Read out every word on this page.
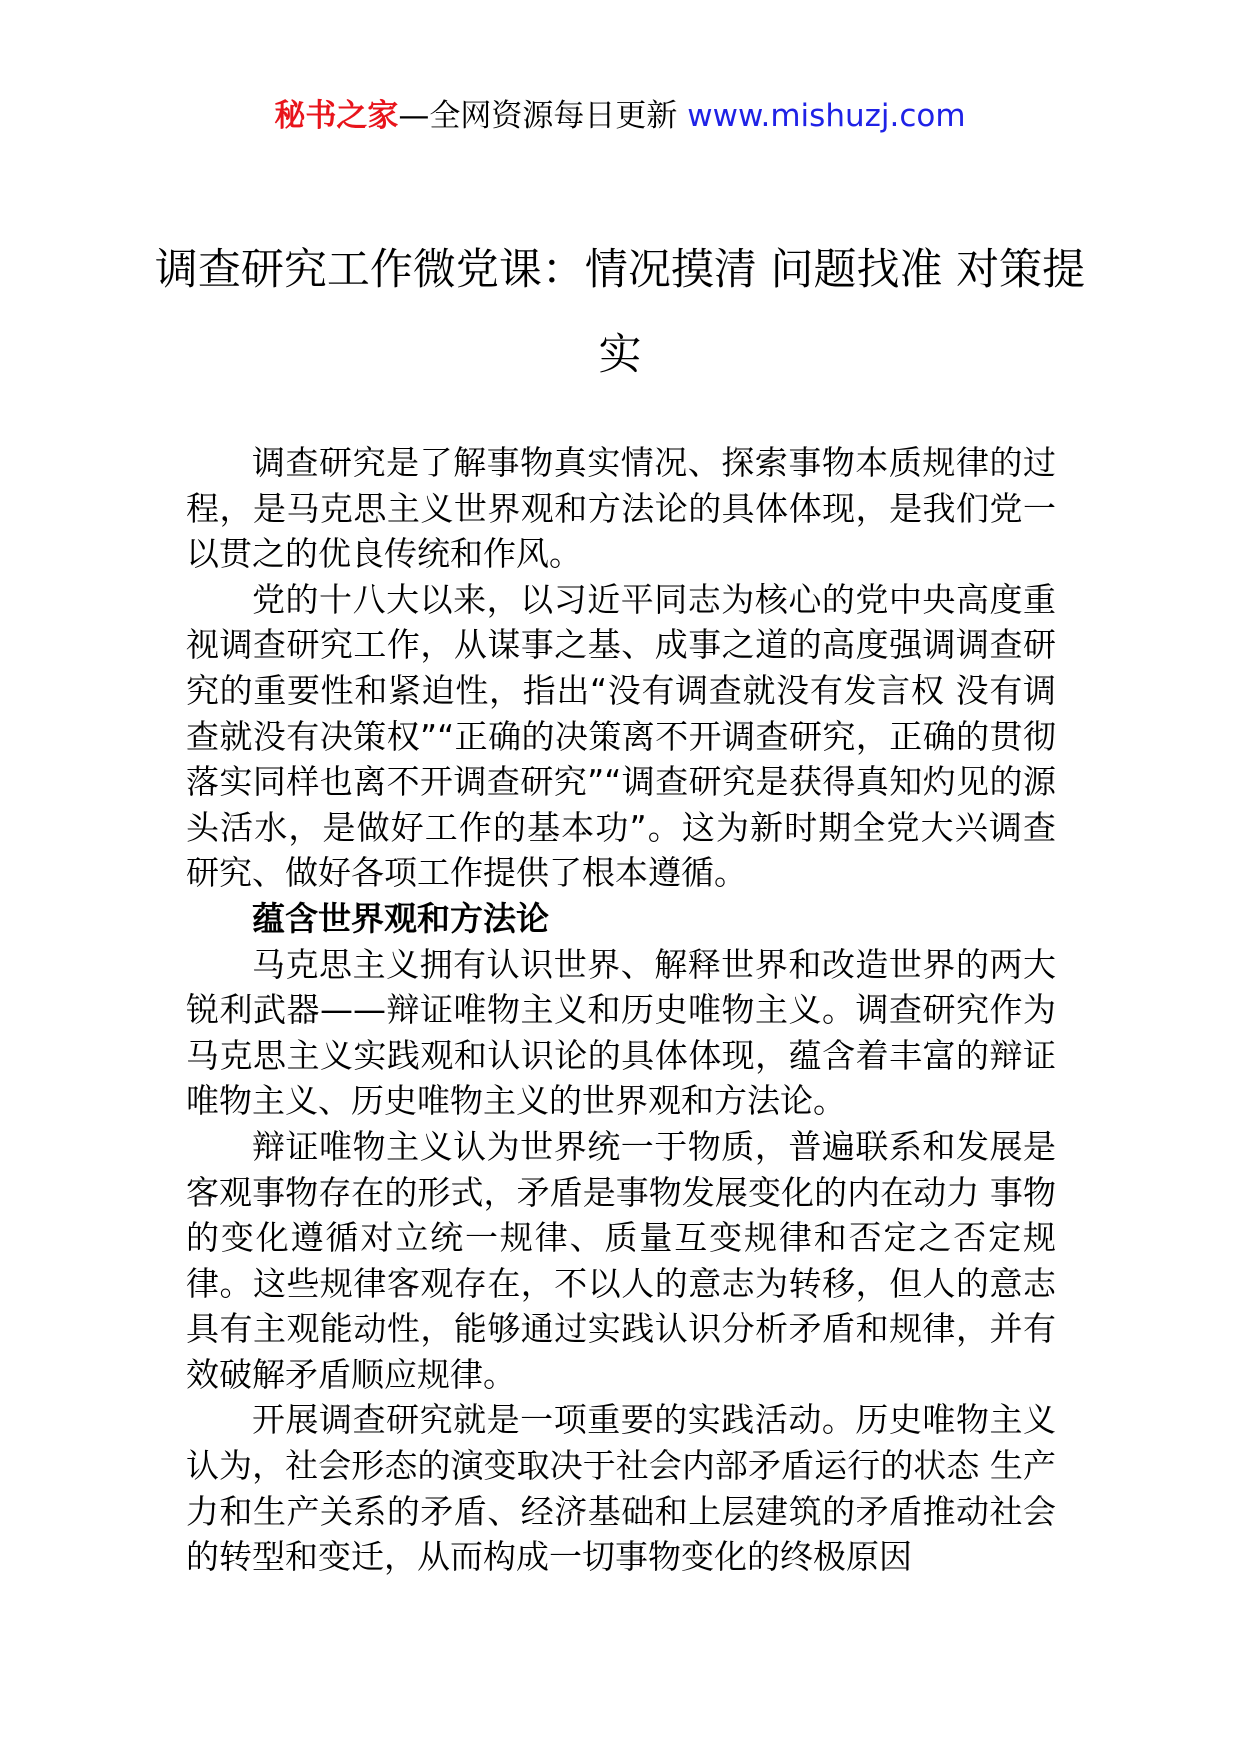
秘书之家—全网资源每日更新 www.mishuzj.com
调查研究工作微党课：情况摸清 问题找准 对策提实

调查研究是了解事物真实情况、探索事物本质规律的过程，是马克思主义世界观和方法论的具体体现，是我们党一以贯之的优良传统和作风。

党的十八大以来，以习近平同志为核心的党中央高度重视调查研究工作，从谋事之基、成事之道的高度强调调查研究的重要性和紧迫性，指出“没有调查就没有发言权 没有调查就没有决策权”“正确的决策离不开调查研究，正确的贯彻落实同样也离不开调查研究”“调查研究是获得真知灼见的源头活水，是做好工作的基本功”。这为新时期全党大兴调查研究、做好各项工作提供了根本遵循。

蕴含世界观和方法论

马克思主义拥有认识世界、解释世界和改造世界的两大锐利武器——辩证唯物主义和历史唯物主义。调查研究作为马克思主义实践观和认识论的具体体现，蕴含着丰富的辩证唯物主义、历史唯物主义的世界观和方法论。

辩证唯物主义认为世界统一于物质，普遍联系和发展是客观事物存在的形式，矛盾是事物发展变化的内在动力 事物的变化遵循对立统一规律、质量互变规律和否定之否定规律。这些规律客观存在，不以人的意志为转移，但人的意志具有主观能动性，能够通过实践认识分析矛盾和规律，并有效破解矛盾顺应规律。

开展调查研究就是一项重要的实践活动。历史唯物主义认为，社会形态的演变取决于社会内部矛盾运行的状态 生产力和生产关系的矛盾、经济基础和上层建筑的矛盾推动社会的转型和变迁，从而构成一切事物变化的终极原因
